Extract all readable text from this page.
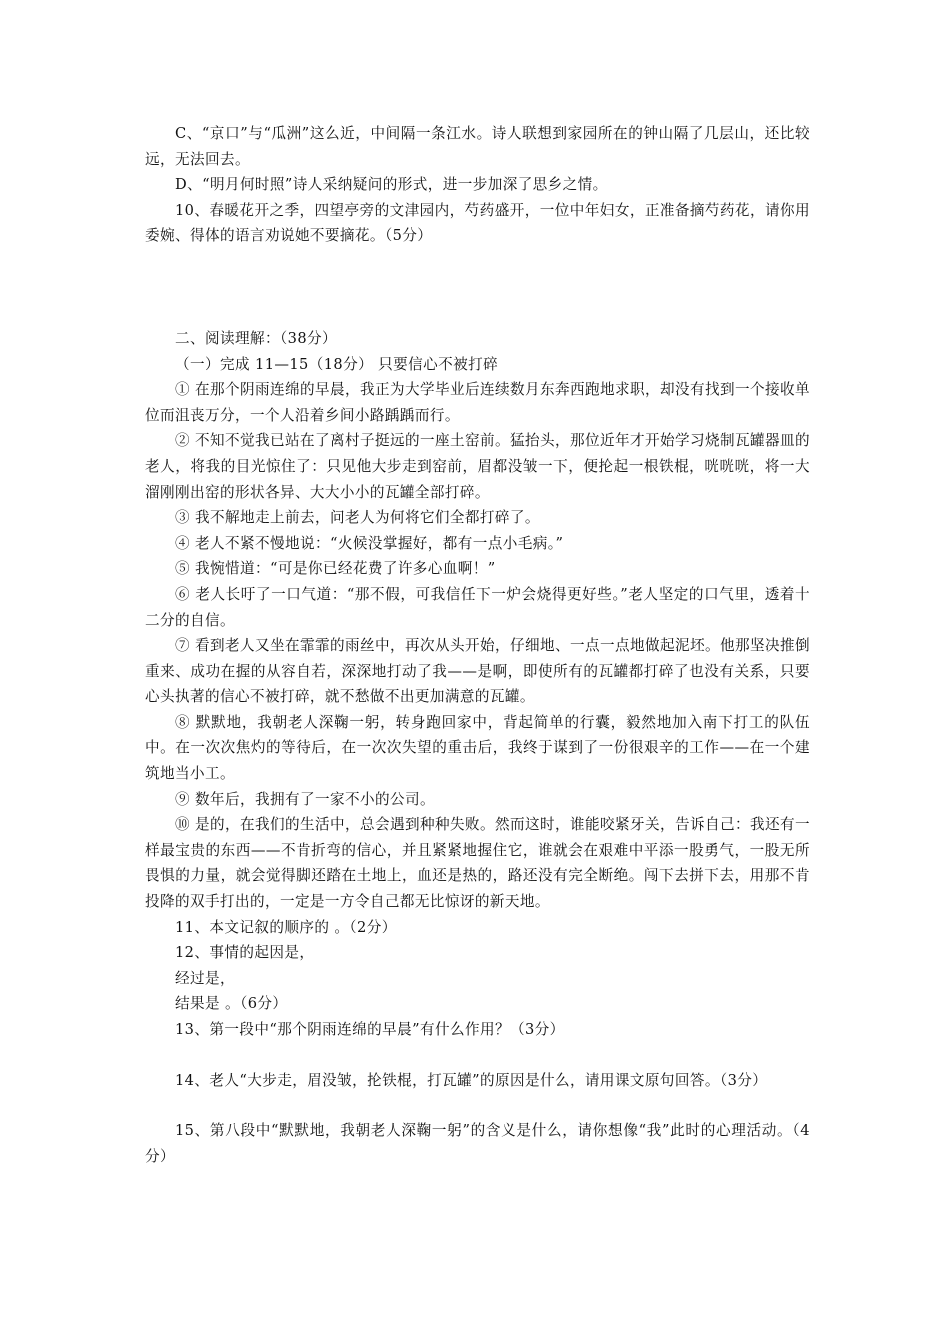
C、“京口”与“瓜洲”这么近，中间隔一条江水。诗人联想到家园所在的钟山隔了几层山，还比较远，无法回去。

D、“明月何时照”诗人采纳疑问的形式，进一步加深了思乡之情。

10、春暖花开之季，四望亭旁的文津园内，芍药盛开，一位中年妇女，正准备摘芍药花，请你用委婉、得体的语言劝说她不要摘花。（5分）

二、阅读理解：（38分）

（一）完成 11—15（18分） 只要信心不被打碎

① 在那个阴雨连绵的早晨，我正为大学毕业后连续数月东奔西跑地求职，却没有找到一个接收单位而沮丧万分，一个人沿着乡间小路踽踽而行。

② 不知不觉我已站在了离村子挺远的一座土窑前。猛抬头，那位近年才开始学习烧制瓦罐器皿的老人，将我的目光惊住了：只见他大步走到窑前，眉都没皱一下，便抡起一根铁棍，咣咣咣，将一大溜刚刚出窑的形状各异、大大小小的瓦罐全部打碎。

③ 我不解地走上前去，问老人为何将它们全都打碎了。

④ 老人不紧不慢地说：“火候没掌握好，都有一点小毛病。”

⑤ 我惋惜道：“可是你已经花费了许多心血啊！”

⑥ 老人长吁了一口气道：“那不假，可我信任下一炉会烧得更好些。”老人坚定的口气里，透着十二分的自信。

⑦ 看到老人又坐在霏霏的雨丝中，再次从头开始，仔细地、一点一点地做起泥坯。他那坚决推倒重来、成功在握的从容自若，深深地打动了我——是啊，即使所有的瓦罐都打碎了也没有关系，只要心头执著的信心不被打碎，就不愁做不出更加满意的瓦罐。

⑧ 默默地，我朝老人深鞠一躬，转身跑回家中，背起简单的行囊，毅然地加入南下打工的队伍中。在一次次焦灼的等待后，在一次次失望的重击后，我终于谋到了一份很艰辛的工作——在一个建筑地当小工。

⑨ 数年后，我拥有了一家不小的公司。

⑩ 是的，在我们的生活中，总会遇到种种失败。然而这时，谁能咬紧牙关，告诉自己：我还有一样最宝贵的东西——不肯折弯的信心，并且紧紧地握住它，谁就会在艰难中平添一股勇气，一股无所畏惧的力量，就会觉得脚还踏在土地上，血还是热的，路还没有完全断绝。闯下去拼下去，用那不肯投降的双手打出的，一定是一方令自己都无比惊讶的新天地。

11、本文记叙的顺序的 。（2分）

12、事情的起因是，

经过是，

结果是 。（6分）

13、第一段中“那个阴雨连绵的早晨”有什么作用？（3分）

14、老人“大步走，眉没皱，抡铁棍，打瓦罐”的原因是什么，请用课文原句回答。（3分）

15、第八段中“默默地，我朝老人深鞠一躬”的含义是什么，请你想像“我”此时的心理活动。（4分）
